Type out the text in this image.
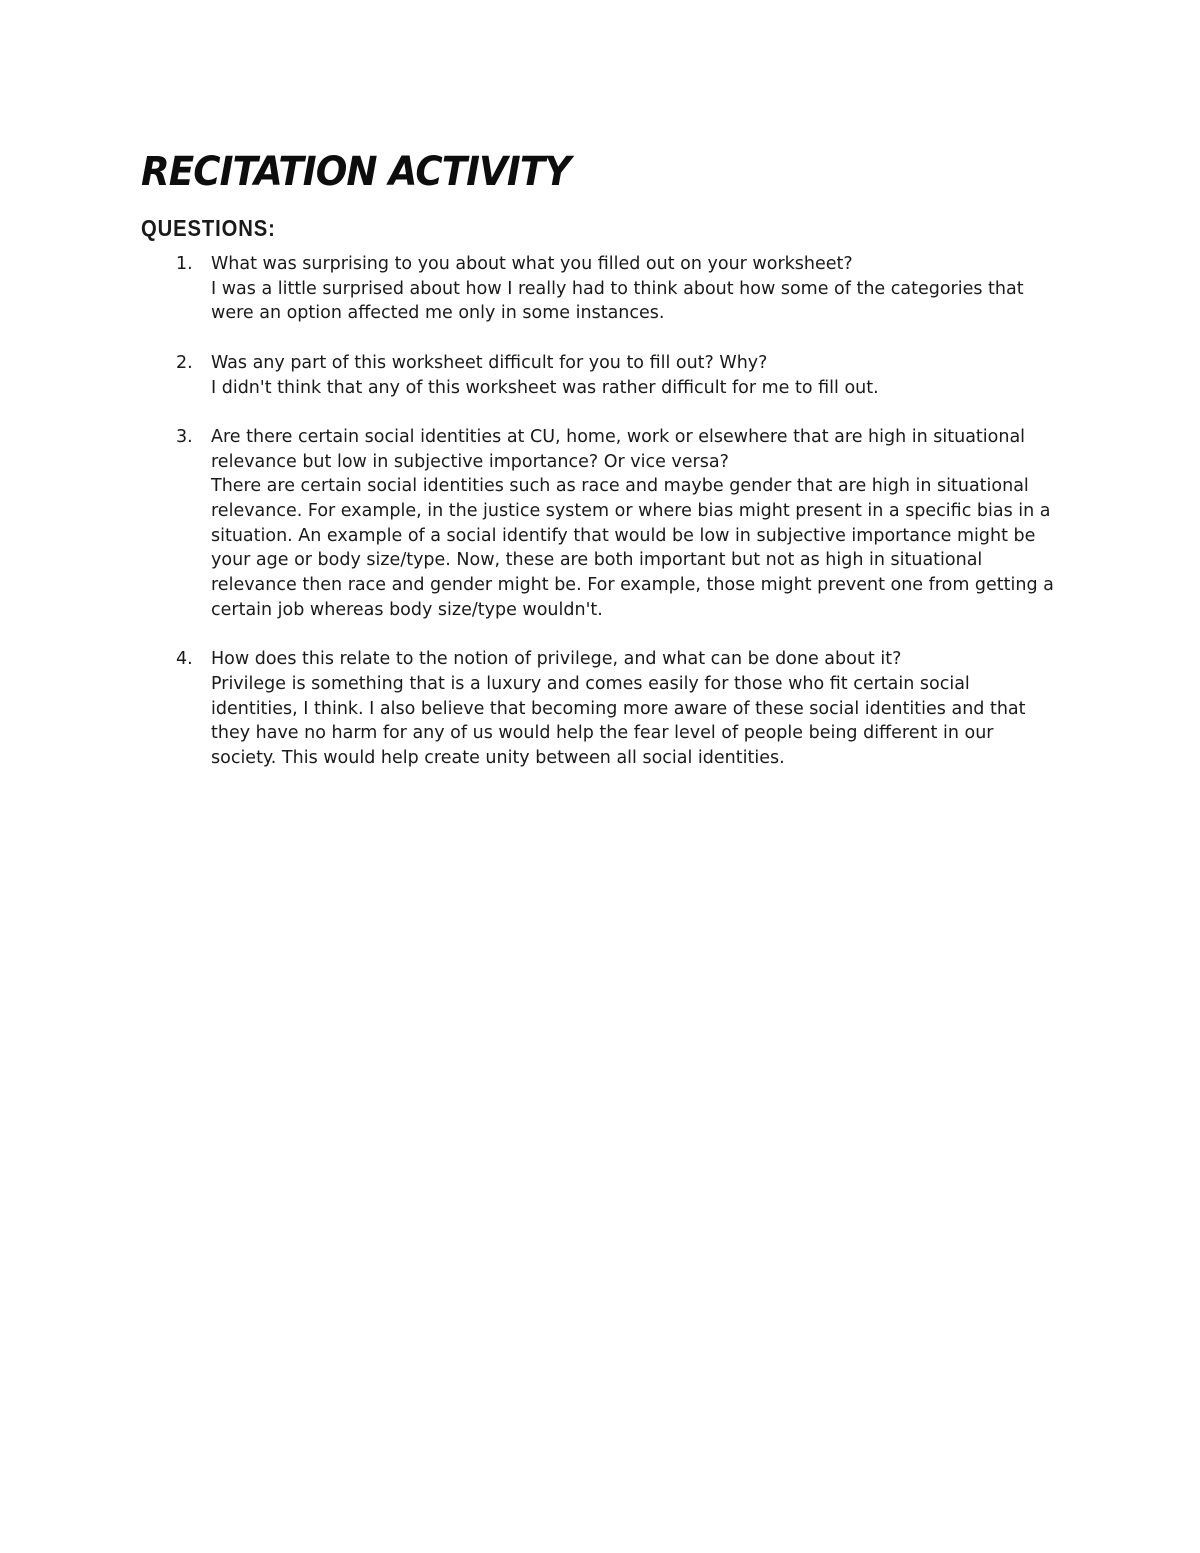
RECITATION ACTIVITY
QUESTIONS:
1. What was surprising to you about what you filled out on your worksheet?
I was a little surprised about how I really had to think about how some of the categories that were an option affected me only in some instances.
2. Was any part of this worksheet difficult for you to fill out? Why?
I didn't think that any of this worksheet was rather difficult for me to fill out.
3. Are there certain social identities at CU, home, work or elsewhere that are high in situational relevance but low in subjective importance? Or vice versa?
There are certain social identities such as race and maybe gender that are high in situational relevance. For example, in the justice system or where bias might present in a specific bias in a situation. An example of a social identify that would be low in subjective importance might be your age or body size/type. Now, these are both important but not as high in situational relevance then race and gender might be. For example, those might prevent one from getting a certain job whereas body size/type wouldn't.
4. How does this relate to the notion of privilege, and what can be done about it?
Privilege is something that is a luxury and comes easily for those who fit certain social identities, I think. I also believe that becoming more aware of these social identities and that they have no harm for any of us would help the fear level of people being different in our society. This would help create unity between all social identities.
